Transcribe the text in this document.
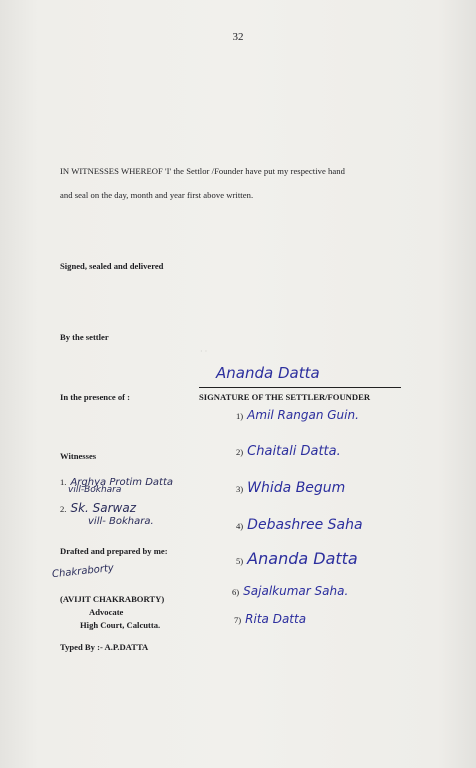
32
IN WITNESSES WHEREOF 'I' the Settlor /Founder have put my respective hand
and seal on the day, month and year first above written.
Signed, sealed and delivered
By the settler
· ·
Ananda Datta
In the presence of :	SIGNATURE OF THE SETTLER/FOUNDER
Witnesses
1. Arghya Protim Datta
vill-Bokhara
2. Sk. Sarwaz
vill- Bokhara.
Drafted and prepared by me:
Chakraborty
(AVIJIT CHAKRABORTY)
Advocate
High Court, Calcutta.
Typed By :- A.P.DATTA
1) Amil Rangan Guin.
2) Chaitali Datta.
3) Whida Begum
4) Debashree Saha
5) Ananda Datta
6) Sajalkumar Saha.
7) Rita Datta
